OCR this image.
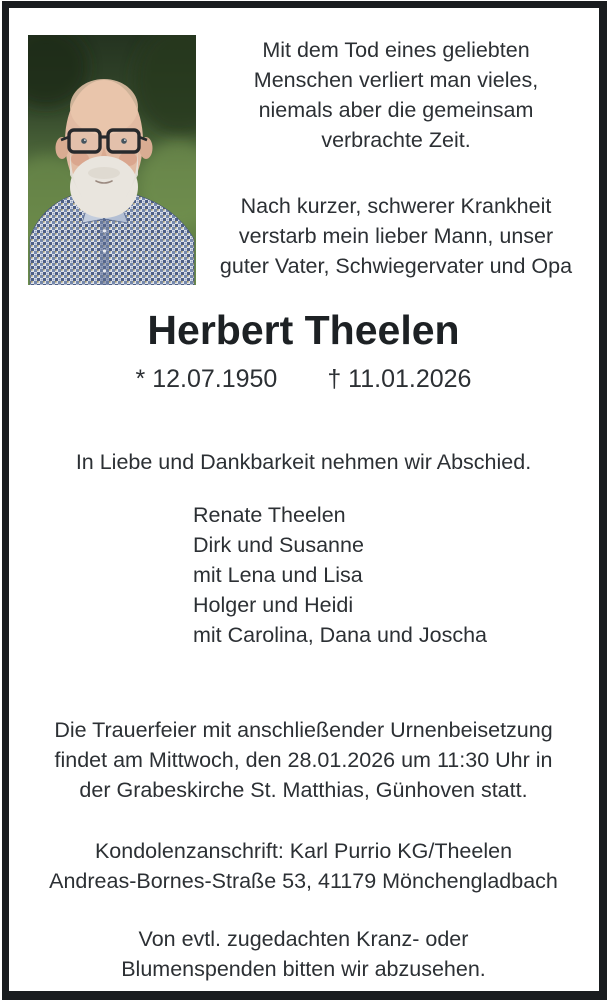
Mit dem Tod eines geliebten
Menschen verliert man vieles,
niemals aber die gemeinsam
verbrachte Zeit.
Nach kurzer, schwerer Krankheit
verstarb mein lieber Mann, unser
guter Vater, Schwiegervater und Opa
Herbert Theelen
* 12.07.1950 † 11.01.2026
In Liebe und Dankbarkeit nehmen wir Abschied.
Renate Theelen
Dirk und Susanne
mit Lena und Lisa
Holger und Heidi
mit Carolina, Dana und Joscha
Die Trauerfeier mit anschließender Urnenbeisetzung
findet am Mittwoch, den 28.01.2026 um 11:30 Uhr in
der Grabeskirche St. Matthias, Günhoven statt.
Kondolenzanschrift: Karl Purrio KG/Theelen
Andreas-Bornes-Straße 53, 41179 Mönchengladbach
Von evtl. zugedachten Kranz- oder
Blumenspenden bitten wir abzusehen.
